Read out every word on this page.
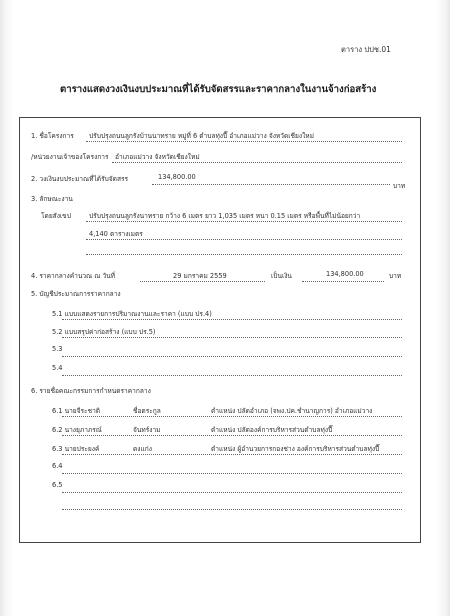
ตาราง ปปช.01
ตารางแสดงวงเงินงบประมาณที่ได้รับจัดสรรและราคากลางในงานจ้างก่อสร้าง
1. ชื่อโครงการ ปรับปรุงถนนลูกรังบ้านนาทราย หมู่ที่ 6 ตำบลทุ่งปี๊ อำเภอแม่วาง จังหวัดเชียงใหม่
/หน่วยงานเจ้าของโครงการ อำเภอแม่วาง จังหวัดเชียงใหม่
2. วงเงินงบประมาณที่ได้รับจัดสรร	134,800.00
บาท
3. ลักษณะงาน
โดยสังเขป	ปรับปรุงถนนลูกรังนาทราย กว้าง 6 เมตร ยาว 1,035 เมตร หนา 0.15 เมตร หรือพื้นที่ไม่น้อยกว่า
4,140 ตารางเมตร
4. ราคากลางคำนวณ ณ วันที่	29 มกราคม 2559	เป็นเงิน	134,800.00	บาท
5. บัญชีประมาณการราคากลาง
5.1 แบบแสดงรายการปริมาณงานและราคา (แบบ ปร.4)
5.2 แบบสรุปค่าก่อสร้าง (แบบ ปร.5)
5.3
5.4
6. รายชื่อคณะกรรมการกำหนดราคากลาง
6.1 นายจีระชาติ	ชื่อตระกูล	ตำแหน่ง ปลัดอำเภอ (จพง.ปค.ชำนาญการ) อำเภอแม่วาง
6.2 นางยุภาภรณ์	จันทร์งาม	ตำแหน่ง ปลัดองค์การบริหารส่วนตำบลทุ่งปี๊
6.3 นายประยงค์	ดงแก่ง	ตำแหน่ง ผู้อำนวยการกองช่าง องค์การบริหารส่วนตำบลทุ่งปี๊
6.4
6.5
